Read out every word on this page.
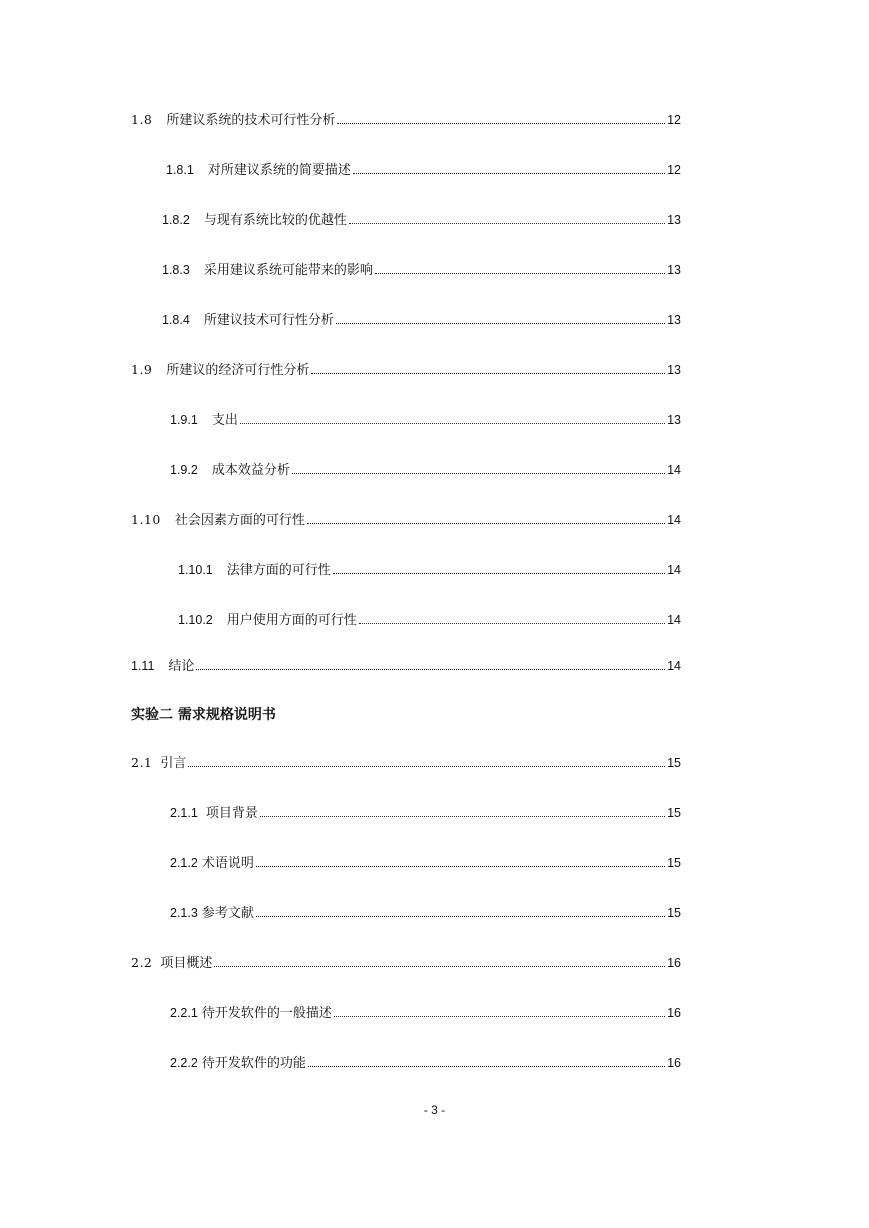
1.8 所建议系统的技术可行性分析	12
1.8.1 对所建议系统的简要描述	12
1.8.2 与现有系统比较的优越性	13
1.8.3 采用建议系统可能带来的影响	13
1.8.4 所建议技术可行性分析	13
1.9 所建议的经济可行性分析	13
1.9.1 支出	13
1.9.2 成本效益分析	14
1.10 社会因素方面的可行性	14
1.10.1 法律方面的可行性	14
1.10.2 用户使用方面的可行性	14
1.11 结论	14
实验二 需求规格说明书
2.1 引言	15
2.1.1 项目背景	15
2.1.2 术语说明	15
2.1.3 参考文献	15
2.2 项目概述	16
2.2.1 待开发软件的一般描述	16
2.2.2 待开发软件的功能	16
- 3 -
